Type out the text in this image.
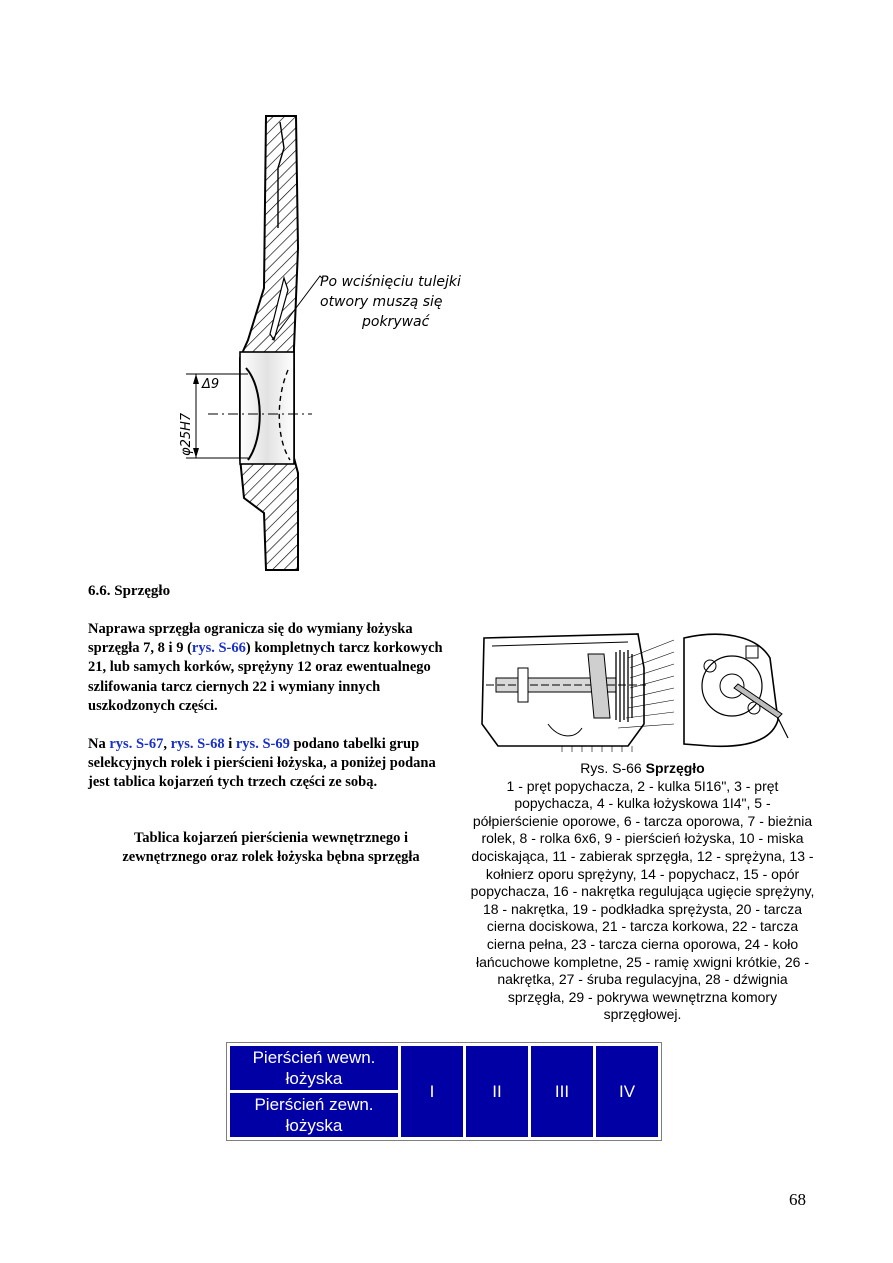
Δ9
φ25H7
Po wciśnięciu tulejki
otwory muszą się
pokrywać
6.6. Sprzęgło

Naprawa sprzęgła ogranicza się do wymiany łożyska sprzęgła 7, 8 i 9 (rys. S-66) kompletnych tarcz korkowych 21, lub samych korków, sprężyny 12 oraz ewentualnego szlifowania tarcz ciernych 22 i wymiany innych uszkodzonych części.

Na rys. S-67, rys. S-68 i rys. S-69 podano tabelki grup selekcyjnych rolek i pierścieni łożyska, a poniżej podana jest tablica kojarzeń tych trzech części ze sobą.

Tablica kojarzeń pierścienia wewnętrznego i zewnętrznego oraz rolek łożyska bębna sprzęgła
Rys. S-66 Sprzęgło
1 - pręt popychacza, 2 - kulka 5I16", 3 - pręt popychacza, 4 - kulka łożyskowa 1I4", 5 - półpierścienie oporowe, 6 - tarcza oporowa, 7 - bieżnia rolek, 8 - rolka 6x6, 9 - pierścień łożyska, 10 - miska dociskająca, 11 - zabierak sprzęgła, 12 - sprężyna, 13 - kołnierz oporu sprężyny, 14 - popychacz, 15 - opór popychacza, 16 - nakrętka regulująca ugięcie sprężyny, 18 - nakrętka, 19 - podkładka sprężysta, 20 - tarcza cierna dociskowa, 21 - tarcza korkowa, 22 - tarcza cierna pełna, 23 - tarcza cierna oporowa, 24 - koło łańcuchowe kompletne, 25 - ramię xwigni krótkie, 26 - nakrętka, 27 - śruba regulacyjna, 28 - dźwignia sprzęgła, 29 - pokrywa wewnętrzna komory sprzęgłowej.
Pierścień wewn. łożyska	I	II	III	IV
Pierścień zewn. łożyska
68
